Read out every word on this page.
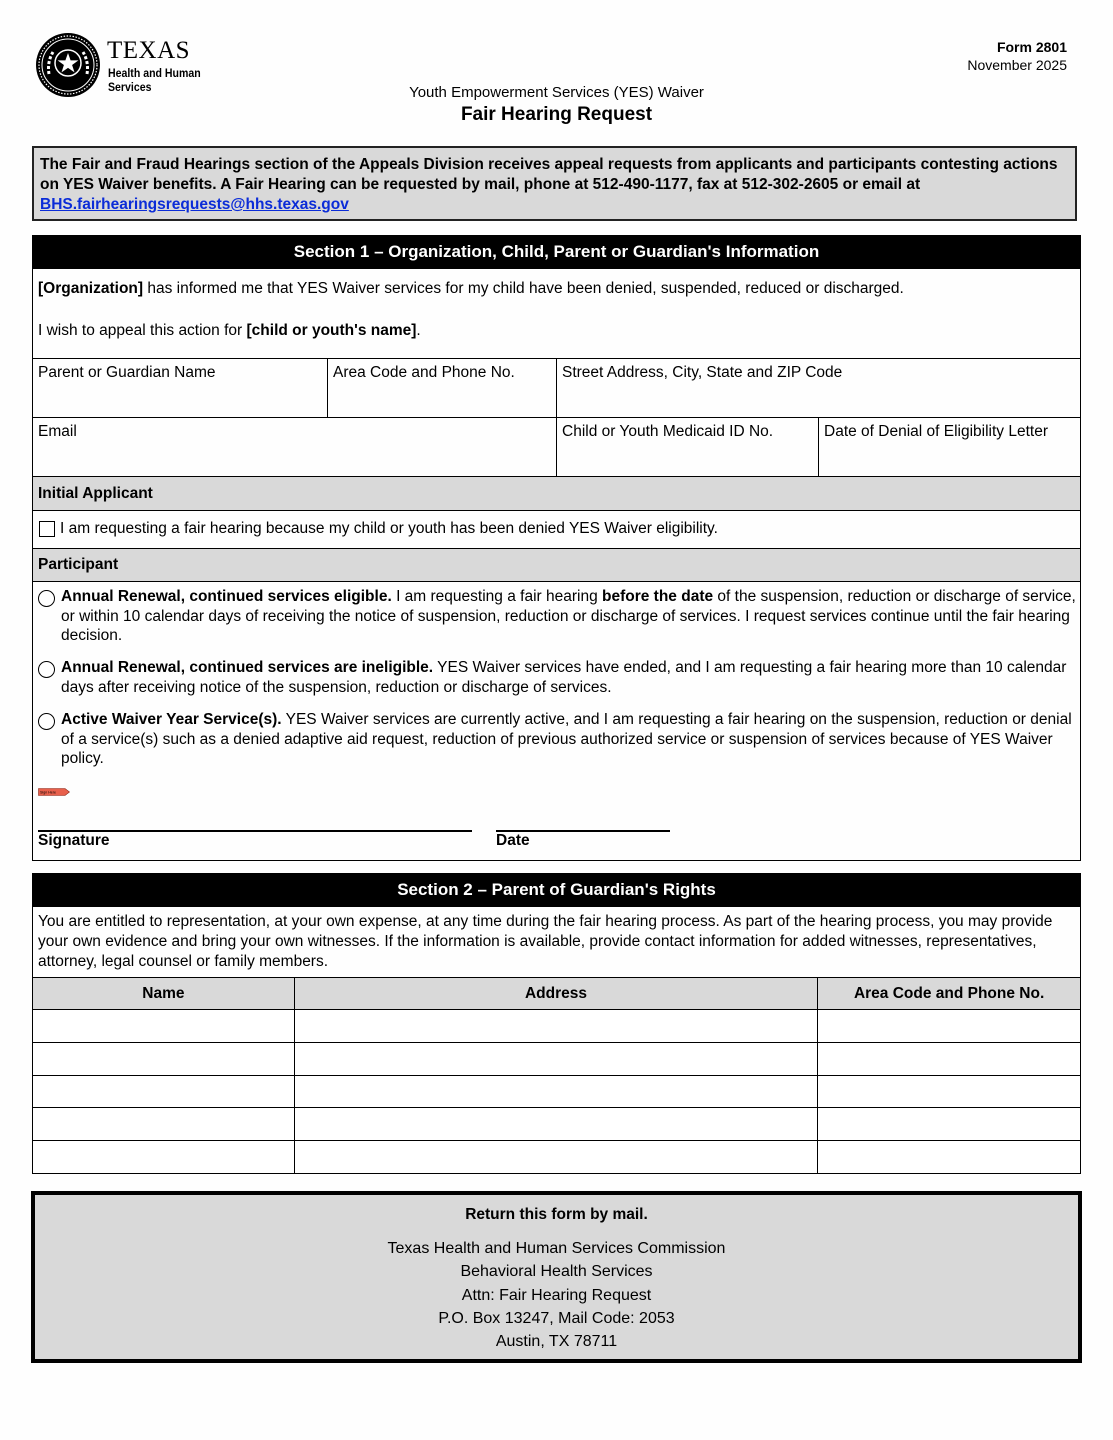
TEXAS
Health and Human
Services
Form 2801
November 2025
Youth Empowerment Services (YES) Waiver
Fair Hearing Request
The Fair and Fraud Hearings section of the Appeals Division receives appeal requests from applicants and participants contesting actions on YES Waiver benefits. A Fair Hearing can be requested by mail, phone at 512-490-1177, fax at 512-302-2605 or email at BHS.fairhearingsrequests@hhs.texas.gov
Section 1 – Organization, Child, Parent or Guardian's Information
[Organization] has informed me that YES Waiver services for my child have been denied, suspended, reduced or discharged.
I wish to appeal this action for [child or youth's name].
Parent or Guardian Name	Area Code and Phone No.	Street Address, City, State and ZIP Code
Email	Child or Youth Medicaid ID No.	Date of Denial of Eligibility Letter
Initial Applicant
I am requesting a fair hearing because my child or youth has been denied YES Waiver eligibility.
Participant
Annual Renewal, continued services eligible. I am requesting a fair hearing before the date of the suspension, reduction or discharge of service, or within 10 calendar days of receiving the notice of suspension, reduction or discharge of services. I request services continue until the fair hearing decision.
Annual Renewal, continued services are ineligible. YES Waiver services have ended, and I am requesting a fair hearing more than 10 calendar days after receiving notice of the suspension, reduction or discharge of services.
Active Waiver Year Service(s). YES Waiver services are currently active, and I am requesting a fair hearing on the suspension, reduction or denial of a service(s) such as a denied adaptive aid request, reduction of previous authorized service or suspension of services because of YES Waiver policy.
Signature	Date
Sign Here
Section 2 – Parent of Guardian's Rights
You are entitled to representation, at your own expense, at any time during the fair hearing process. As part of the hearing process, you may provide your own evidence and bring your own witnesses. If the information is available, provide contact information for added witnesses, representatives, attorney, legal counsel or family members.
Name	Address	Area Code and Phone No.

Return this form by mail.
Texas Health and Human Services Commission
Behavioral Health Services
Attn: Fair Hearing Request
P.O. Box 13247, Mail Code: 2053
Austin, TX 78711
